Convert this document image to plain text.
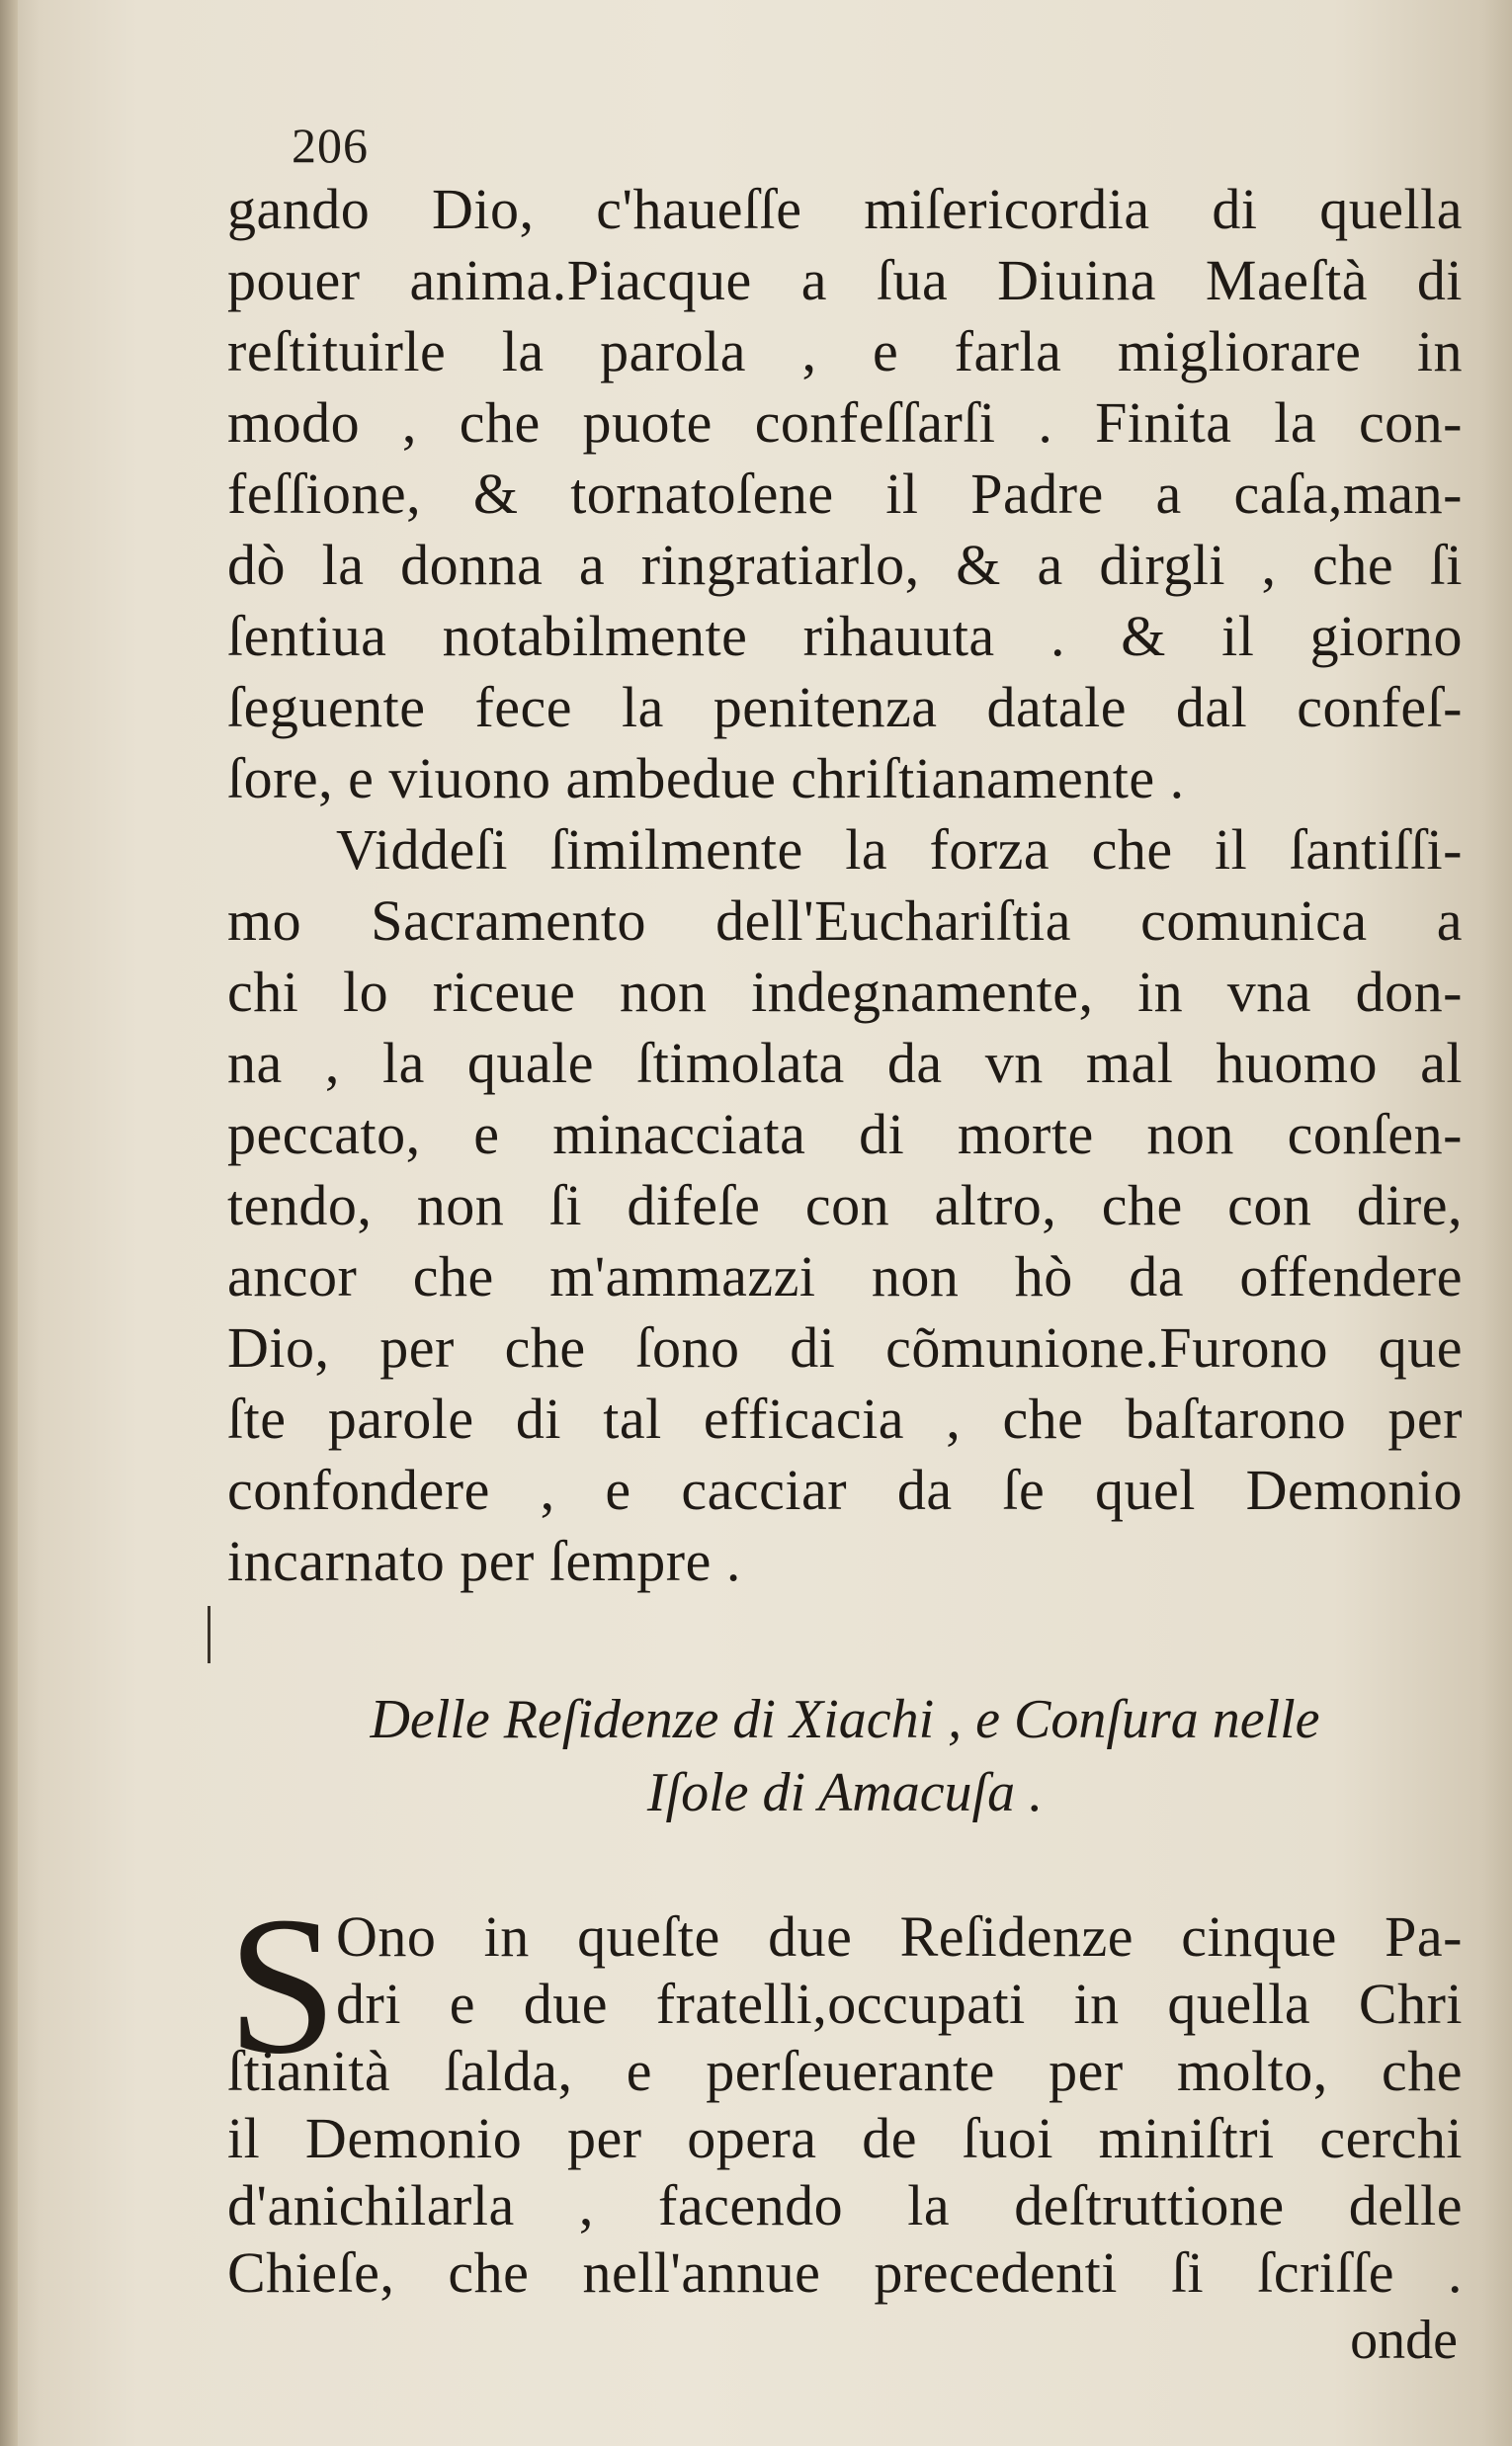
206
gando Dio, c'haueſſe miſericordia di quella
pouer anima.Piacque a ſua Diuina Maeſtà di
reſtituirle la parola , e farla migliorare in
modo , che puote confeſſarſi . Finita la con-
feſſione, & tornatoſene il Padre a caſa,man-
dò la donna a ringratiarlo, & a dirgli , che ſi
ſentiua notabilmente rihauuta . & il giorno
ſeguente fece la penitenza datale dal confeſ-
ſore, e viuono ambedue chriſtianamente .
Viddeſi ſimilmente la forza che il ſantiſſi-
mo Sacramento dell'Euchariſtia comunica a
chi lo riceue non indegnamente, in vna don-
na , la quale ſtimolata da vn mal huomo al
peccato, e minacciata di morte non conſen-
tendo, non ſi difeſe con altro, che con dire,
ancor che m'ammazzi non hò da offendere
Dio, per che ſono di cõmunione.Furono que
ſte parole di tal efficacia , che baſtarono per
confondere , e cacciar da ſe quel Demonio
incarnato per ſempre .
Delle Reſidenze di Xiachi , e Conſura nelle
Iſole di Amacuſa .
S
Ono in queſte due Reſidenze cinque Pa-
dri e due fratelli,occupati in quella Chri
ſtianità ſalda, e perſeuerante per molto, che
il Demonio per opera de ſuoi miniſtri cerchi
d'anichilarla , facendo la deſtruttione delle
Chieſe, che nell'annue precedenti ſi ſcriſſe .
onde
